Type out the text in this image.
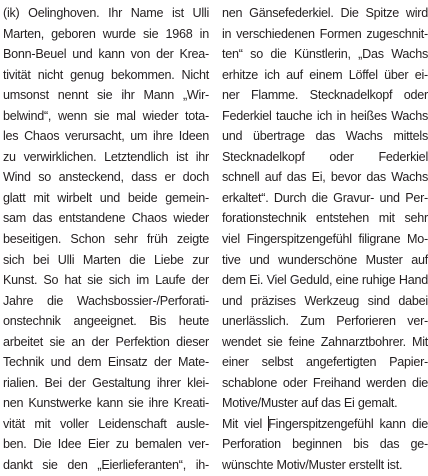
(ik) Oelinghoven. Ihr Name ist Ulli
Marten, geboren wurde sie 1968 in
Bonn-Beuel und kann von der Krea-
tivität nicht genug bekommen. Nicht
umsonst nennt sie ihr Mann „Wir-
belwind“, wenn sie mal wieder tota-
les Chaos verursacht, um ihre Ideen
zu verwirklichen. Letztendlich ist ihr
Wind so ansteckend, dass er doch
glatt mit wirbelt und beide gemein-
sam das entstandene Chaos wieder
beseitigen. Schon sehr früh zeigte
sich bei Ulli Marten die Liebe zur
Kunst. So hat sie sich im Laufe der
Jahre die Wachsbossier-/Perforati-
onstechnik angeeignet. Bis heute
arbeitet sie an der Perfektion dieser
Technik und dem Einsatz der Mate-
rialien. Bei der Gestaltung ihrer klei-
nen Kunstwerke kann sie ihre Kreati-
vität mit voller Leidenschaft ausle-
ben. Die Idee Eier zu bemalen ver-
dankt sie den „Eierlieferanten“, ih-
nen Gänsefederkiel. Die Spitze wird
in verschiedenen Formen zugeschnit-
ten“ so die Künstlerin, „Das Wachs
erhitze ich auf einem Löffel über ei-
ner Flamme. Stecknadelkopf oder
Federkiel tauche ich in heißes Wachs
und übertrage das Wachs mittels
Stecknadelkopf oder Federkiel
schnell auf das Ei, bevor das Wachs
erkaltet“. Durch die Gravur- und Per-
forationstechnik entstehen mit sehr
viel Fingerspitzengefühl filigrane Mo-
tive und wunderschöne Muster auf
dem Ei. Viel Geduld, eine ruhige Hand
und präzises Werkzeug sind dabei
unerlässlich. Zum Perforieren ver-
wendet sie feine Zahnarztbohrer. Mit
einer selbst angefertigten Papier-
schablone oder Freihand werden die
Motive/Muster auf das Ei gemalt.
Mit viel Fingerspitzengefühl kann die
Perforation beginnen bis das ge-
wünschte Motiv/Muster erstellt ist.
